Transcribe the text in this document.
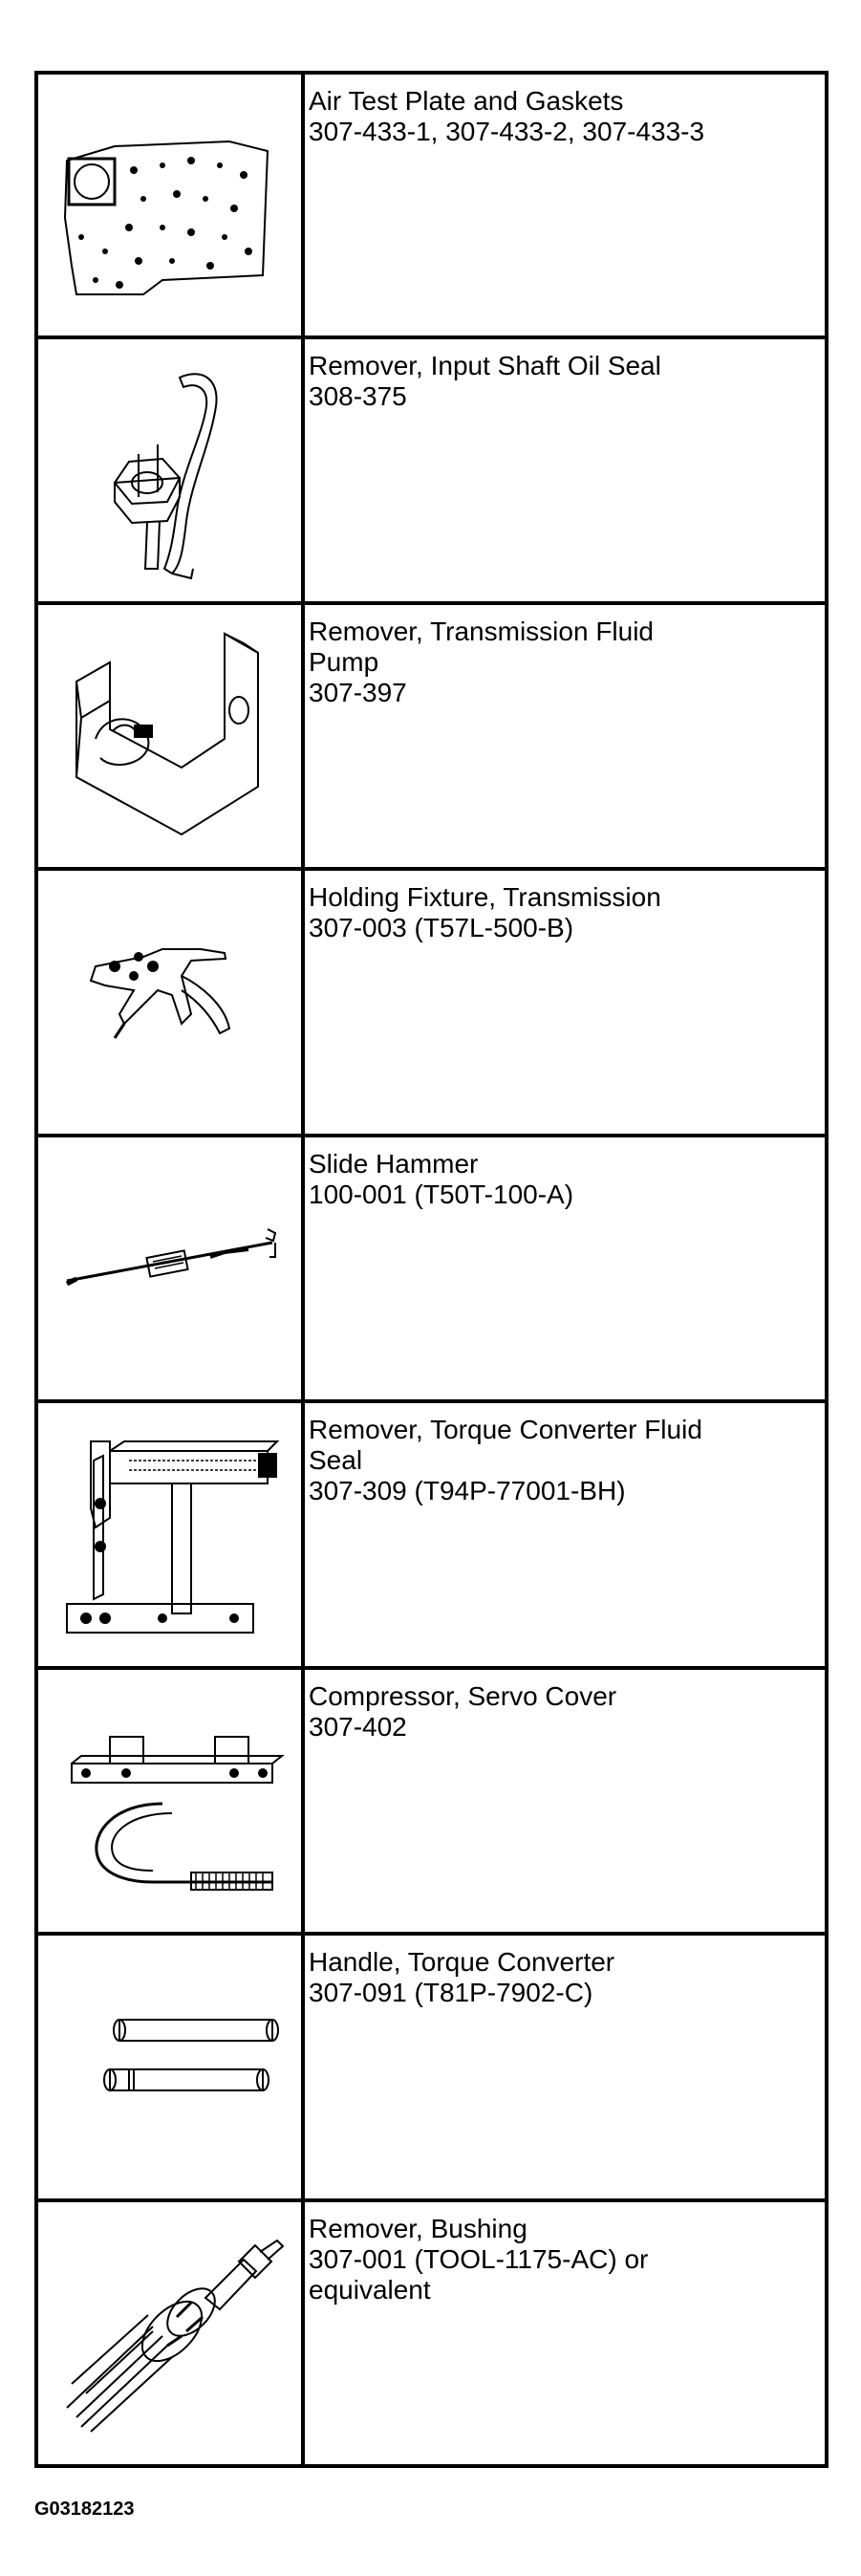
Air Test Plate and Gaskets
307-433-1, 307-433-2, 307-433-3
Remover, Input Shaft Oil Seal
308-375
Remover, Transmission Fluid
Pump
307-397
Holding Fixture, Transmission
307-003 (T57L-500-B)
Slide Hammer
100-001 (T50T-100-A)
Remover, Torque Converter Fluid
Seal
307-309 (T94P-77001-BH)
Compressor, Servo Cover
307-402
Handle, Torque Converter
307-091 (T81P-7902-C)
Remover, Bushing
307-001 (TOOL-1175-AC) or
equivalent
G03182123
